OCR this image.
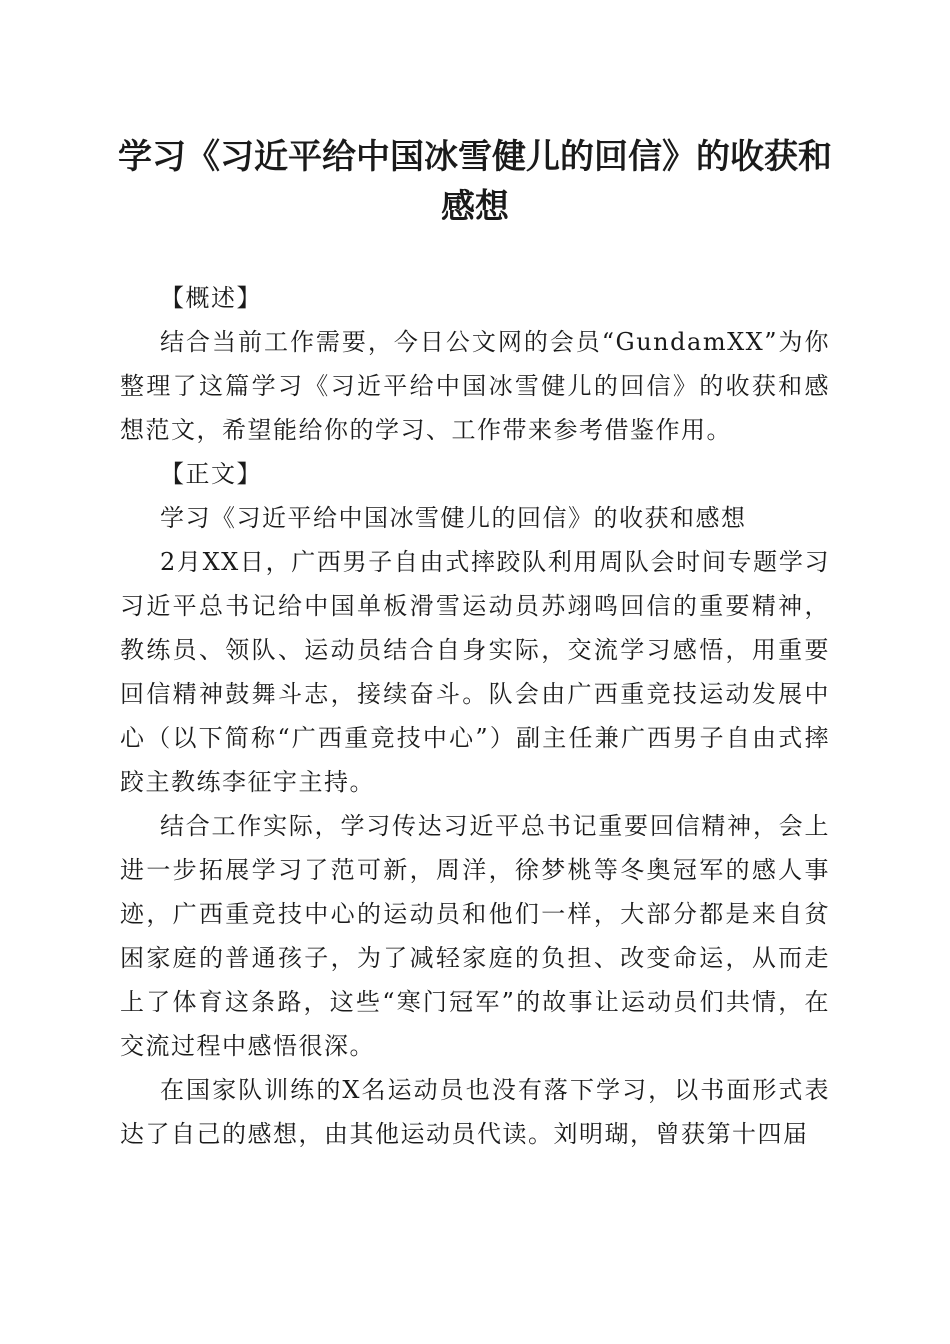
学习《习近平给中国冰雪健儿的回信》的收获和感想

【概述】

结合当前工作需要，今日公文网的会员“GundamXX”为你整理了这篇学习《习近平给中国冰雪健儿的回信》的收获和感想范文，希望能给你的学习、工作带来参考借鉴作用。

【正文】

学习《习近平给中国冰雪健儿的回信》的收获和感想

2月XX日，广西男子自由式摔跤队利用周队会时间专题学习习近平总书记给中国单板滑雪运动员苏翊鸣回信的重要精神，教练员、领队、运动员结合自身实际，交流学习感悟，用重要回信精神鼓舞斗志，接续奋斗。队会由广西重竞技运动发展中心（以下简称“广西重竞技中心”）副主任兼广西男子自由式摔跤主教练李征宇主持。

结合工作实际，学习传达习近平总书记重要回信精神，会上进一步拓展学习了范可新，周洋，徐梦桃等冬奥冠军的感人事迹，广西重竞技中心的运动员和他们一样，大部分都是来自贫困家庭的普通孩子，为了减轻家庭的负担、改变命运，从而走上了体育这条路，这些“寒门冠军”的故事让运动员们共情，在交流过程中感悟很深。

在国家队训练的X名运动员也没有落下学习，以书面形式表达了自己的感想，由其他运动员代读。刘明瑚，曾获第十四届
